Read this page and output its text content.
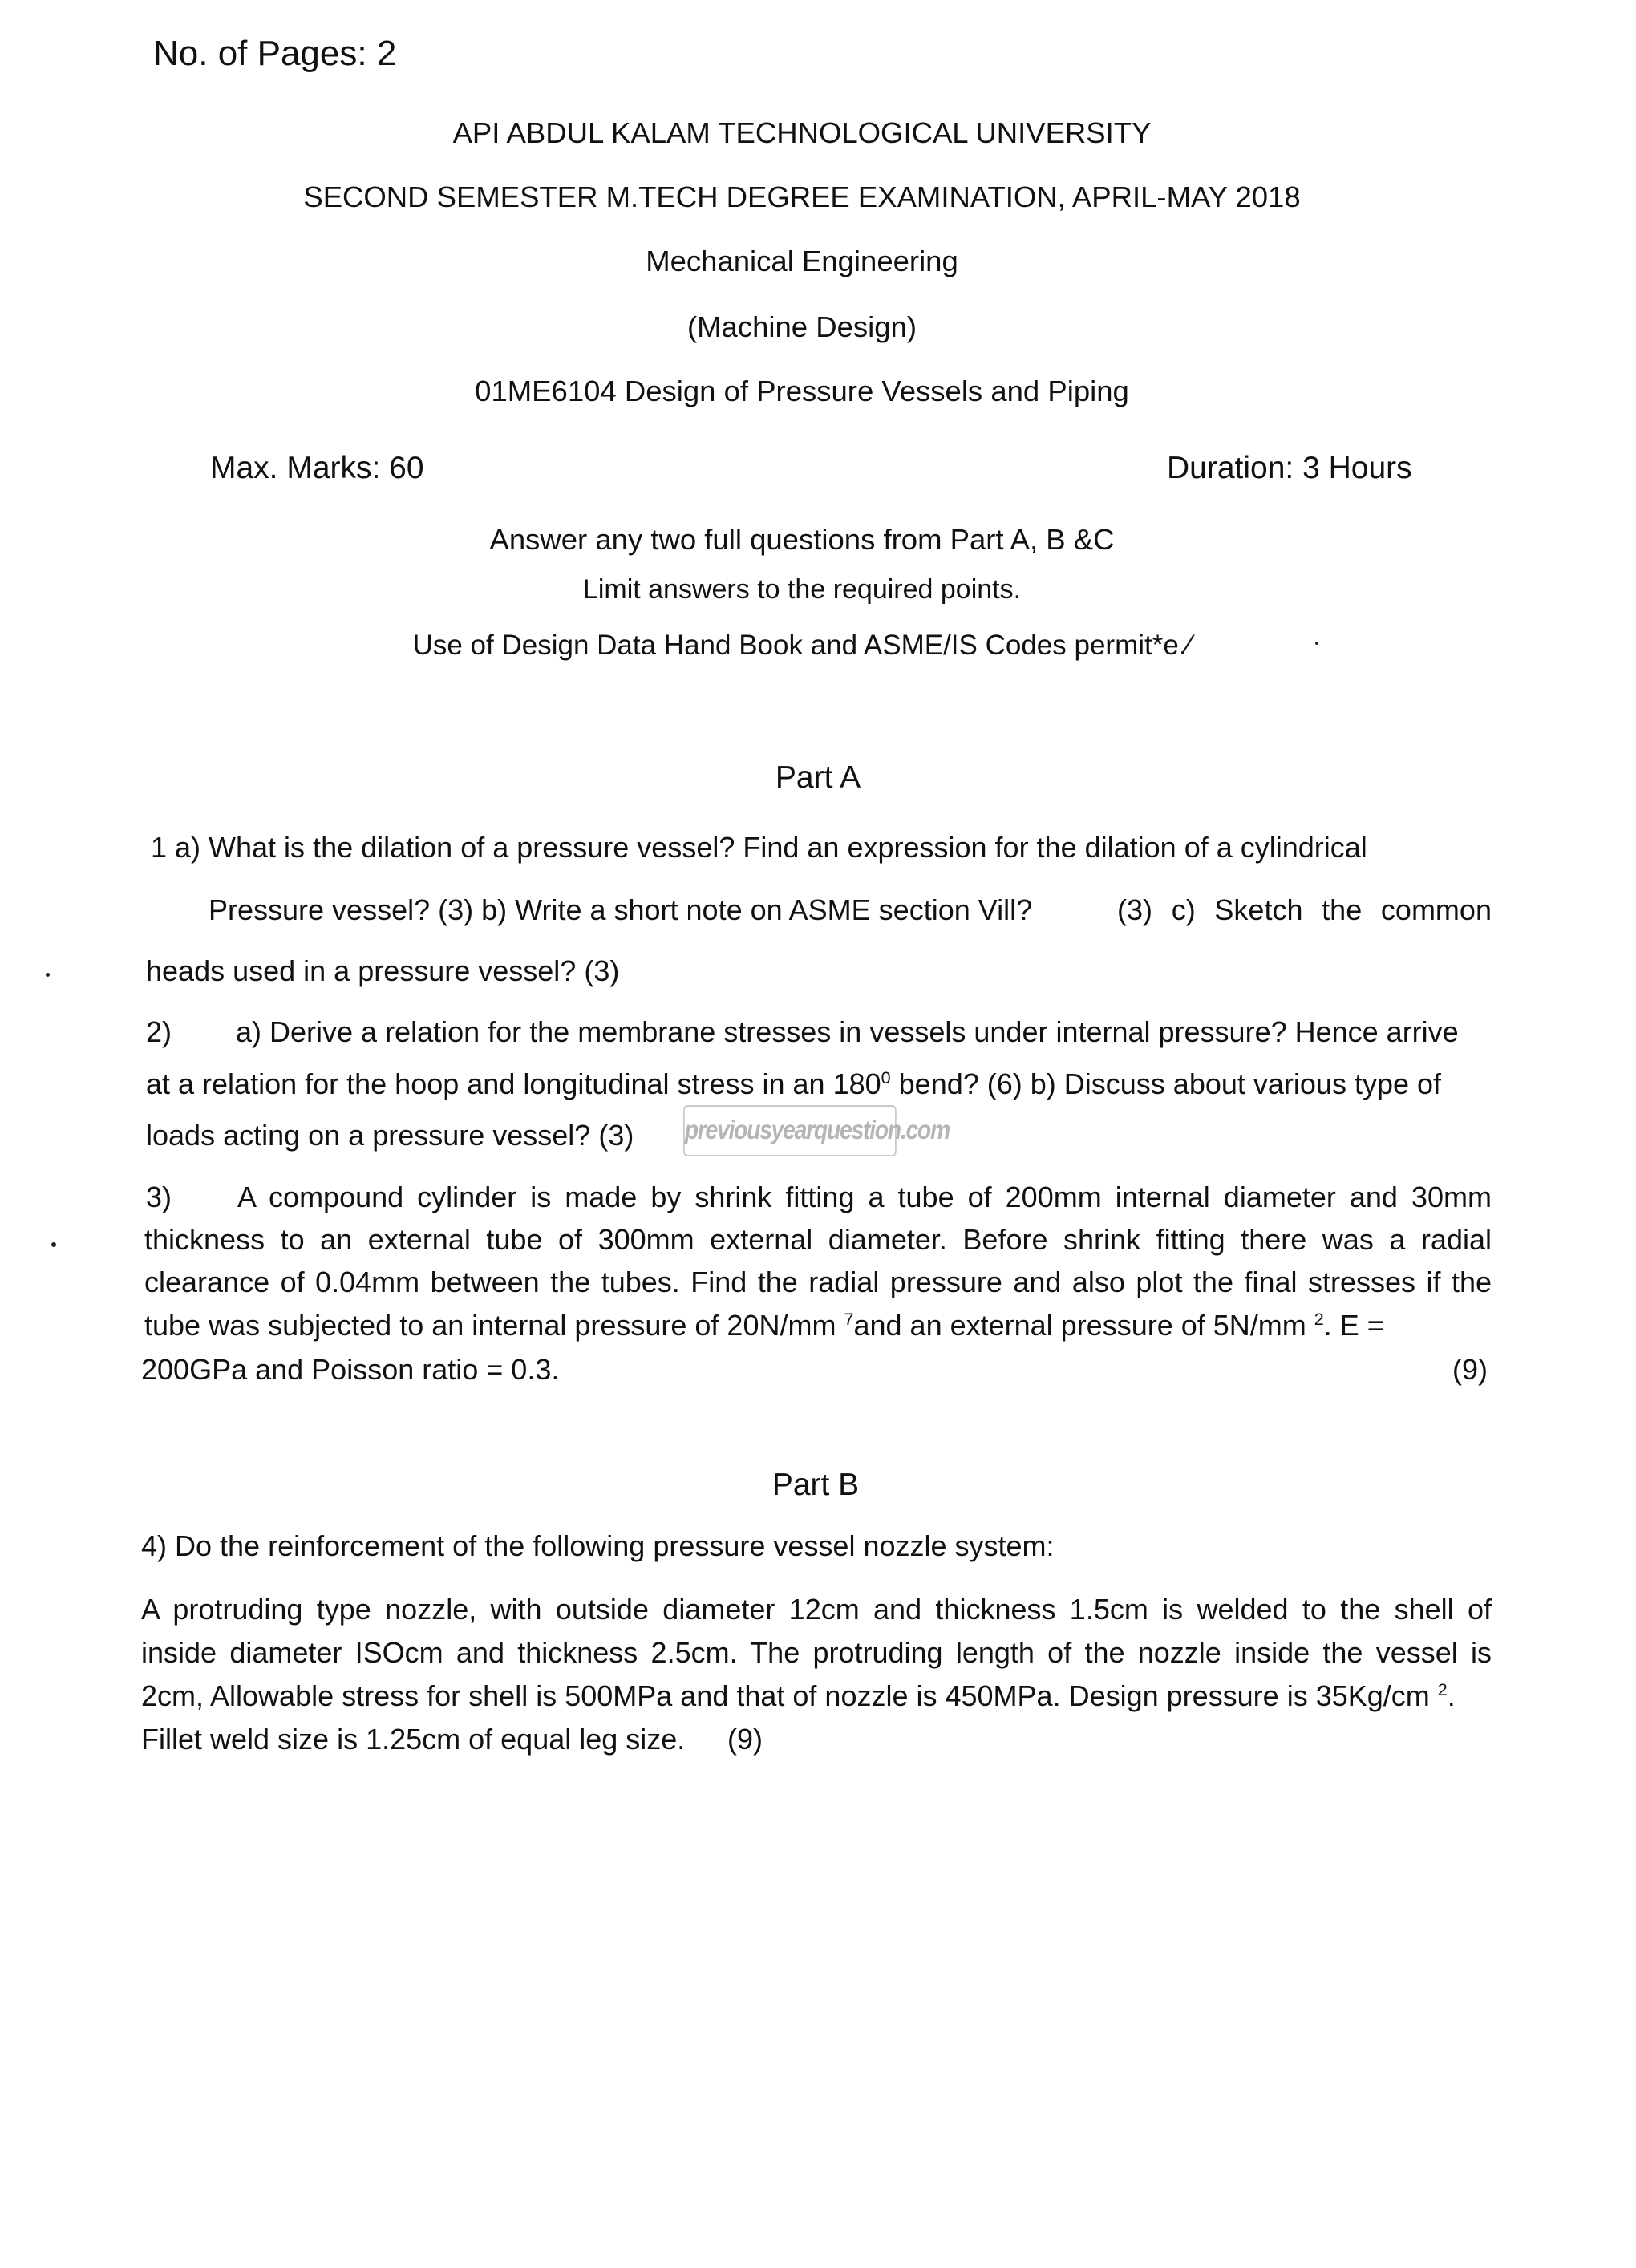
No. of Pages: 2
API ABDUL KALAM TECHNOLOGICAL UNIVERSITY
SECOND SEMESTER M.TECH DEGREE EXAMINATION, APRIL-MAY 2018
Mechanical Engineering
(Machine Design)
01ME6104 Design of Pressure Vessels and Piping
Max. Marks: 60	Duration: 3 Hours
Answer any two full questions from Part A, B &C
Limit answers to the required points.
Use of Design Data Hand Book and ASME/IS Codes permit*e.⁄
Part A
1 a) What is the dilation of a pressure vessel? Find an expression for the dilation of a cylindrical
Pressure vessel? (3) b) Write a short note on ASME section Vill?	(3) c) Sketch the common
heads used in a pressure vessel? (3)
2) a) Derive a relation for the membrane stresses in vessels under internal pressure? Hence arrive
at a relation for the hoop and longitudinal stress in an $180^0$ bend? (6) b) Discuss about various type of
loads acting on a pressure vessel? (3) previousyearquestion.com
3) A compound cylinder is made by shrink fitting a tube of 200mm internal diameter and 30mm
thickness to an external tube of 300mm external diameter. Before shrink fitting there was a radial
clearance of 0.04mm between the tubes. Find the radial pressure and also plot the final stresses if the
tube was subjected to an internal pressure of 20N/mm $^7$and an external pressure of 5N/mm $^2$. E =
200GPa and Poisson ratio = 0.3.	(9)
Part B
4) Do the reinforcement of the following pressure vessel nozzle system:
A protruding type nozzle, with outside diameter 12cm and thickness 1.5cm is welded to the shell of
inside diameter ISOcm and thickness 2.5cm. The protruding length of the nozzle inside the vessel is
2cm, Allowable stress for shell is 500MPa and that of nozzle is 450MPa. Design pressure is 35Kg/cm $^2$.
Fillet weld size is 1.25cm of equal leg size. (9)
